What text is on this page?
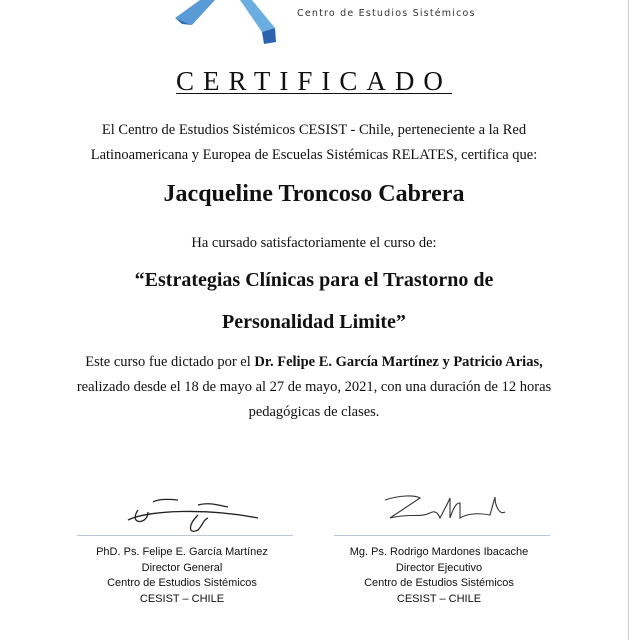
Centro de Estudios Sistémicos
CERTIFICADO
El Centro de Estudios Sistémicos CESIST - Chile, perteneciente a la Red
Latinoamericana y Europea de Escuelas Sistémicas RELATES, certifica que:
Jacqueline Troncoso Cabrera
Ha cursado satisfactoriamente el curso de:
“Estrategias Clínicas para el Trastorno de
Personalidad Limite”
Este curso fue dictado por el Dr. Felipe E. García Martínez y Patricio Arias,
realizado desde el 18 de mayo al 27 de mayo, 2021, con una duración de 12 horas
pedagógicas de clases.
PhD. Ps. Felipe E. García Martínez
Director General
Centro de Estudios Sistémicos
CESIST – CHILE
Mg. Ps. Rodrigo Mardones Ibacache
Director Ejecutivo
Centro de Estudios Sistémicos
CESIST – CHILE
